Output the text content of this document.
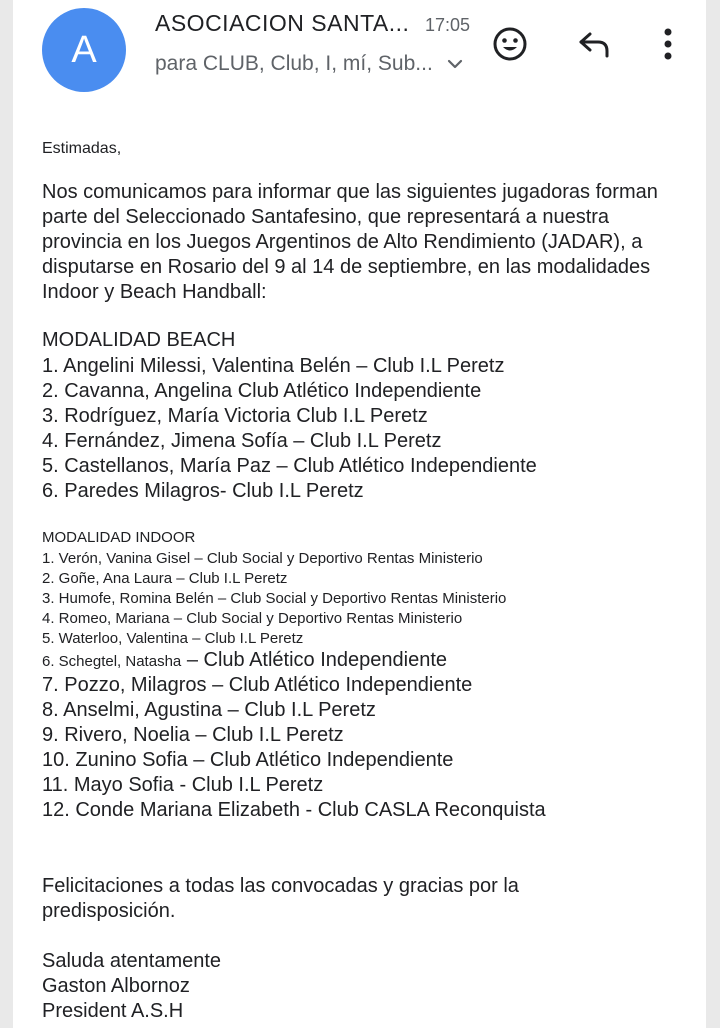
A
ASOCIACION SANTA... 17:05
para CLUB, Club, I, mí, Sub...
Estimadas,
Nos comunicamos para informar que las siguientes jugadoras forman parte del Seleccionado Santafesino, que representará a nuestra provincia en los Juegos Argentinos de Alto Rendimiento (JADAR), a disputarse en Rosario del 9 al 14 de septiembre, en las modalidades Indoor y Beach Handball:
MODALIDAD BEACH
1. Angelini Milessi, Valentina Belén – Club I.L Peretz
2. Cavanna, Angelina Club Atlético Independiente
3. Rodríguez, María Victoria Club I.L Peretz
4. Fernández, Jimena Sofía – Club I.L Peretz
5. Castellanos, María Paz – Club Atlético Independiente
6. Paredes Milagros- Club I.L Peretz
MODALIDAD INDOOR
1. Verón, Vanina Gisel – Club Social y Deportivo Rentas Ministerio
2. Goñe, Ana Laura – Club I.L Peretz
3. Humofe, Romina Belén – Club Social y Deportivo Rentas Ministerio
4. Romeo, Mariana – Club Social y Deportivo Rentas Ministerio
5. Waterloo, Valentina – Club I.L Peretz
6. Schegtel, Natasha – Club Atlético Independiente
7. Pozzo, Milagros – Club Atlético Independiente
8. Anselmi, Agustina – Club I.L Peretz
9. Rivero, Noelia – Club I.L Peretz
10. Zunino Sofia – Club Atlético Independiente
11. Mayo Sofia - Club I.L Peretz
12. Conde Mariana Elizabeth - Club CASLA Reconquista
Felicitaciones a todas las convocadas y gracias por la predisposición.
Saluda atentamente
Gaston Albornoz
President A.S.H
